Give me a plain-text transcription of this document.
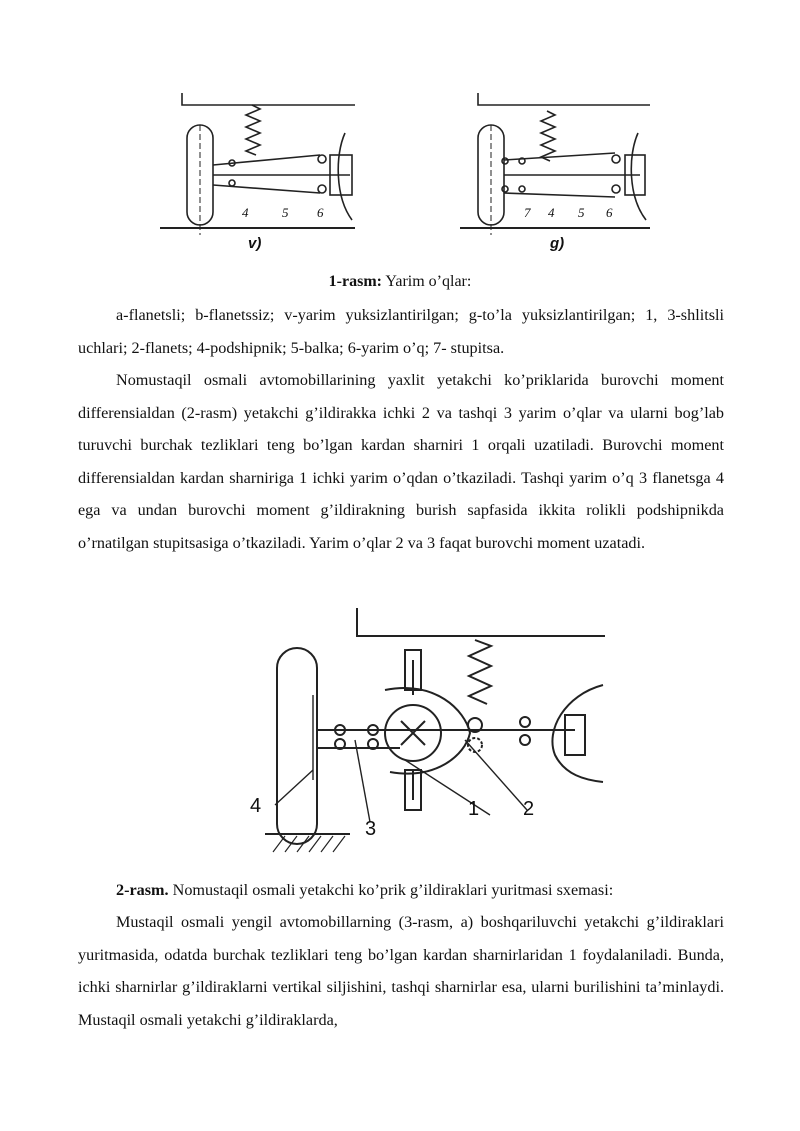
v)
4	5 6
g)
7 4 5 6
1-rasm: Yarim o’qlar:

a-flanetsli; b-flanetssiz; v-yarim yuksizlantirilgan; g-to’la yuksizlantirilgan; 1, 3-shlitsli uchlari; 2-flanets; 4-podshipnik; 5-balka; 6-yarim o’q; 7- stupitsa.

Nomustaqil osmali avtomobillarining yaxlit yetakchi ko’priklarida burovchi moment differensialdan (2-rasm) yetakchi g’ildirakka ichki 2 va tashqi 3 yarim o’qlar va ularni bog’lab turuvchi burchak tezliklari teng bo’lgan kardan sharniri 1 orqali uzatiladi. Burovchi moment differensialdan kardan sharniriga 1 ichki yarim o’qdan o’tkaziladi. Tashqi yarim o’q 3 flanetsga 4 ega va undan burovchi moment g’ildirakning burish sapfasida ikkita rolikli podshipnikda o’rnatilgan stupitsasiga o’tkaziladi. Yarim o’qlar 2 va 3 faqat burovchi moment uzatadi.

1 2
3
4

2-rasm. Nomustaqil osmali yetakchi ko’prik g’ildiraklari yuritmasi sxemasi:

Mustaqil osmali yengil avtomobillarning (3-rasm, a) boshqariluvchi yetakchi g’ildiraklari yuritmasida, odatda burchak tezliklari teng bo’lgan kardan sharnirlaridan 1 foydalaniladi. Bunda, ichki sharnirlar g’ildiraklarni vertikal siljishini, tashqi sharnirlar esa, ularni burilishini ta’minlaydi. Mustaqil osmali yetakchi g’ildiraklarda,
